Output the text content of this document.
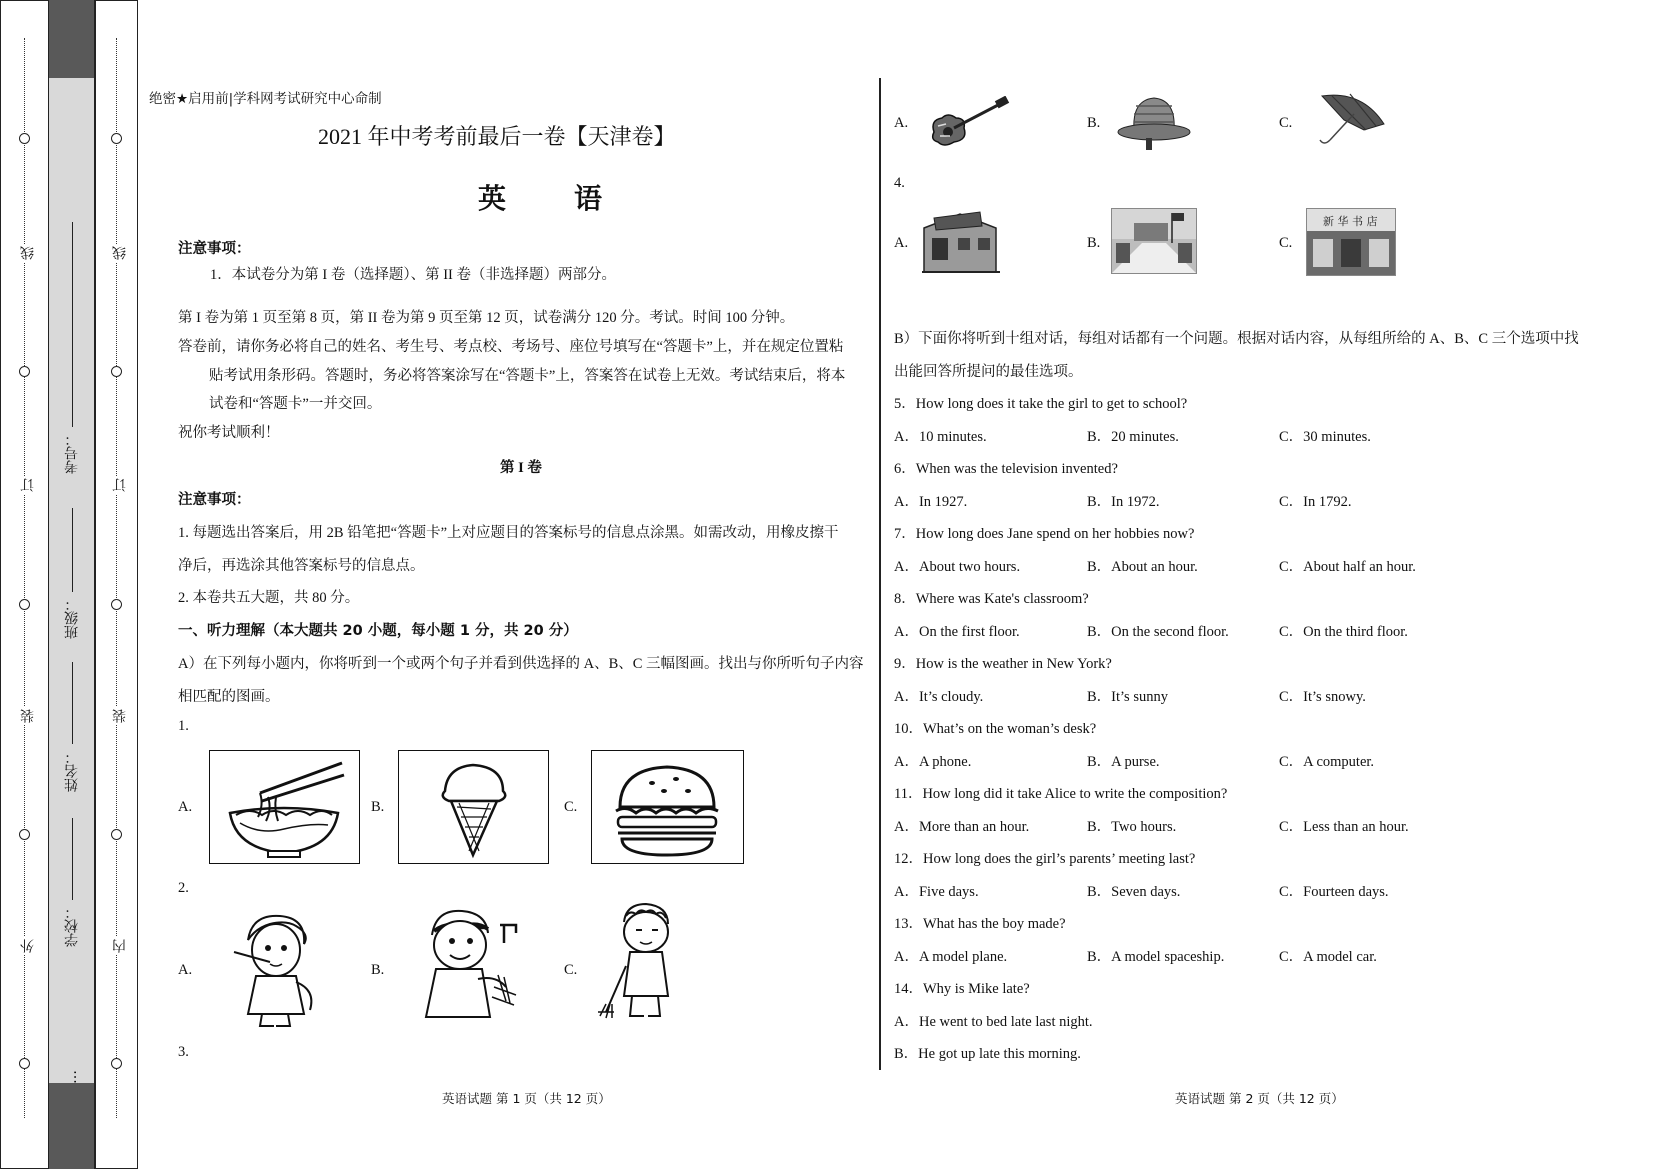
线
订
装
外
线
订
装
内
学校：
姓名：
班级：
考号：
…
绝密★启用前|学科网考试研究中心命制
2021 年中考考前最后一卷【天津卷】
英　语
注意事项：
1．本试卷分为第 I 卷（选择题）、第 II 卷（非选择题）两部分。
第 I 卷为第 1 页至第 8 页，第 II 卷为第 9 页至第 12 页，试卷满分 120 分。考试。时间 100 分钟。
答卷前，请你务必将自己的姓名、考生号、考点校、考场号、座位号填写在“答题卡”上，并在规定位置粘
贴考试用条形码。答题时，务必将答案涂写在“答题卡”上，答案答在试卷上无效。考试结束后，将本
试卷和“答题卡”一并交回。
祝你考试顺利！
第 I 卷
注意事项：
1. 每题选出答案后，用 2B 铅笔把“答题卡”上对应题目的答案标号的信息点涂黑。如需改动，用橡皮擦干
净后，再选涂其他答案标号的信息点。
2. 本卷共五大题，共 80 分。
一、听力理解（本大题共 20 小题，每小题 1 分，共 20 分）
A）在下列每小题内，你将听到一个或两个句子并看到供选择的 A、B、C 三幅图画。找出与你所听句子内容
相匹配的图画。
1.
A.	B.	C.
2.
A.	B.	C.
3.
英语试题 第 1 页（共 12 页）
A.	B.	C.
4.
A.	B.	C.
新 华 书 店
B）下面你将听到十组对话，每组对话都有一个问题。根据对话内容，从每组所给的 A、B、C 三个选项中找
出能回答所提问的最佳选项。
5．How long does it take the girl to get to school?
A．10 minutes.	B．20 minutes.	C．30 minutes.
6．When was the television invented?
A．In 1927.	B．In 1972.	C．In 1792.
7．How long does Jane spend on her hobbies now?
A．About two hours.	B．About an hour.	C．About half an hour.
8．Where was Kate's classroom?
A．On the first floor.	B．On the second floor.	C．On the third floor.
9．How is the weather in New York?
A．It’s cloudy.	B．It’s sunny	C．It’s snowy.
10．What’s on the woman’s desk?
A．A phone.	B．A purse.	C．A computer.
11．How long did it take Alice to write the composition?
A．More than an hour.	B．Two hours.	C．Less than an hour.
12．How long does the girl’s parents’ meeting last?
A．Five days.	B．Seven days.	C．Fourteen days.
13．What has the boy made?
A．A model plane.	B．A model spaceship.	C．A model car.
14．Why is Mike late?
A．He went to bed late last night.
B．He got up late this morning.
英语试题 第 2 页（共 12 页）
